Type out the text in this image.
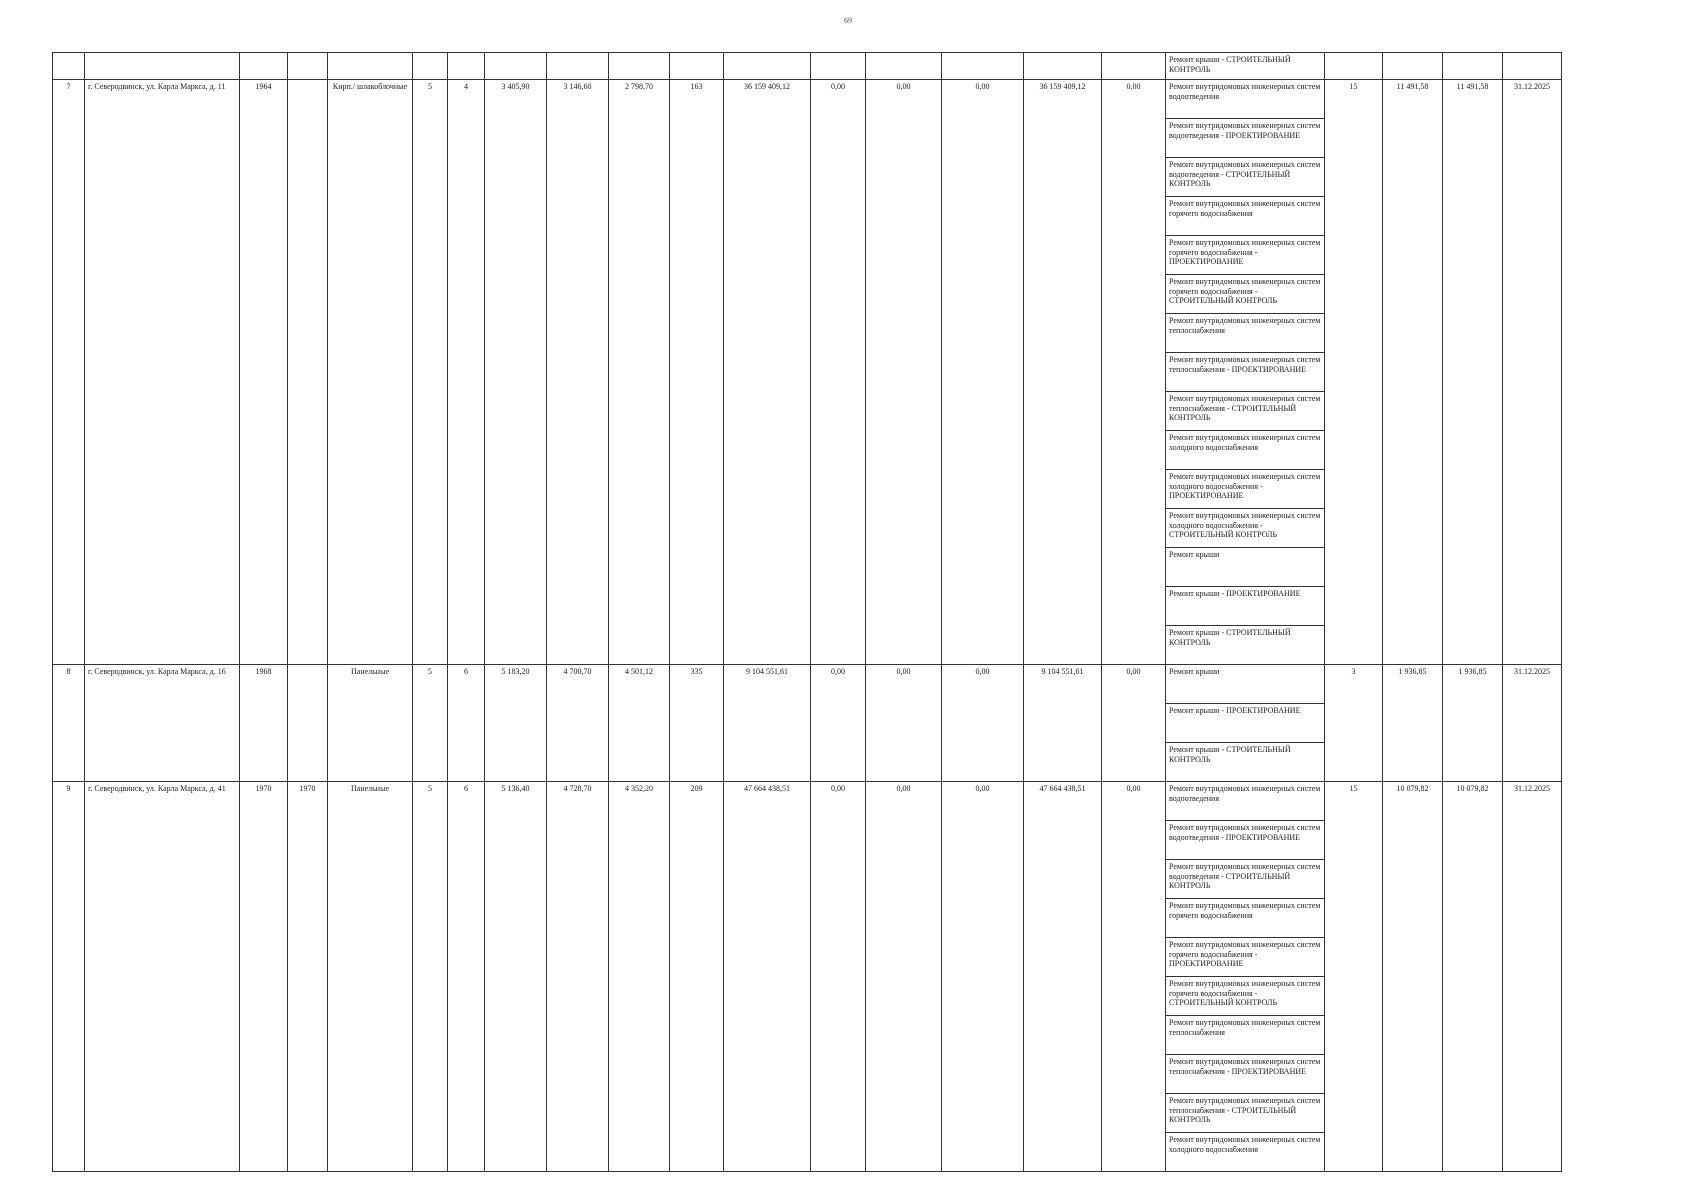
69
																	Ремонт крыши - СТРОИТЕЛЬНЫЙ КОНТРОЛЬ				
7	г. Северодвинск, ул. Карла Маркса, д. 11	1964		Кирп./ шлакоблочные	5	4	3 405,90	3 146,60	2 798,70	163	36 159 409,12	0,00	0,00	0,00	36 159 409,12	0,00	Ремонт внутридомовых инженерных систем водоотведения	15	11 491,58	11 491,58	31.12.2025
																	Ремонт внутридомовых инженерных систем водоотведения - ПРОЕКТИРОВАНИЕ				
																	Ремонт внутридомовых инженерных систем водоотведения - СТРОИТЕЛЬНЫЙ КОНТРОЛЬ				
																	Ремонт внутридомовых инженерных систем горячего водоснабжения				
																	Ремонт внутридомовых инженерных систем горячего водоснабжения - ПРОЕКТИРОВАНИЕ				
																	Ремонт внутридомовых инженерных систем горячего водоснабжения - СТРОИТЕЛЬНЫЙ КОНТРОЛЬ				
																	Ремонт внутридомовых инженерных систем теплоснабжения				
																	Ремонт внутридомовых инженерных систем теплоснабжения - ПРОЕКТИРОВАНИЕ				
																	Ремонт внутридомовых инженерных систем теплоснабжения - СТРОИТЕЛЬНЫЙ КОНТРОЛЬ				
																	Ремонт внутридомовых инженерных систем холодного водоснабжения				
																	Ремонт внутридомовых инженерных систем холодного водоснабжения - ПРОЕКТИРОВАНИЕ				
																	Ремонт внутридомовых инженерных систем холодного водоснабжения - СТРОИТЕЛЬНЫЙ КОНТРОЛЬ				
																	Ремонт крыши				
																	Ремонт крыши - ПРОЕКТИРОВАНИЕ				
																	Ремонт крыши - СТРОИТЕЛЬНЫЙ КОНТРОЛЬ				
8	г. Северодвинск, ул. Карла Маркса, д. 16	1968		Панельные	5	6	5 183,20	4 700,70	4 501,12	335	9 104 551,61	0,00	0,00	0,00	9 104 551,61	0,00	Ремонт крыши	3	1 936,85	1 936,85	31.12.2025
																	Ремонт крыши - ПРОЕКТИРОВАНИЕ				
																	Ремонт крыши - СТРОИТЕЛЬНЫЙ КОНТРОЛЬ				
9	г. Северодвинск, ул. Карла Маркса, д. 41	1970	1970	Панельные	5	6	5 136,40	4 728,70	4 352,20	209	47 664 438,51	0,00	0,00	0,00	47 664 438,51	0,00	Ремонт внутридомовых инженерных систем водоотведения	15	10 079,82	10 079,82	31.12.2025
																	Ремонт внутридомовых инженерных систем водоотведения - ПРОЕКТИРОВАНИЕ				
																	Ремонт внутридомовых инженерных систем водоотведения - СТРОИТЕЛЬНЫЙ КОНТРОЛЬ				
																	Ремонт внутридомовых инженерных систем горячего водоснабжения				
																	Ремонт внутридомовых инженерных систем горячего водоснабжения - ПРОЕКТИРОВАНИЕ				
																	Ремонт внутридомовых инженерных систем горячего водоснабжения - СТРОИТЕЛЬНЫЙ КОНТРОЛЬ				
																	Ремонт внутридомовых инженерных систем теплоснабжения				
																	Ремонт внутридомовых инженерных систем теплоснабжения - ПРОЕКТИРОВАНИЕ				
																	Ремонт внутридомовых инженерных систем теплоснабжения - СТРОИТЕЛЬНЫЙ КОНТРОЛЬ				
																	Ремонт внутридомовых инженерных систем холодного водоснабжения				
